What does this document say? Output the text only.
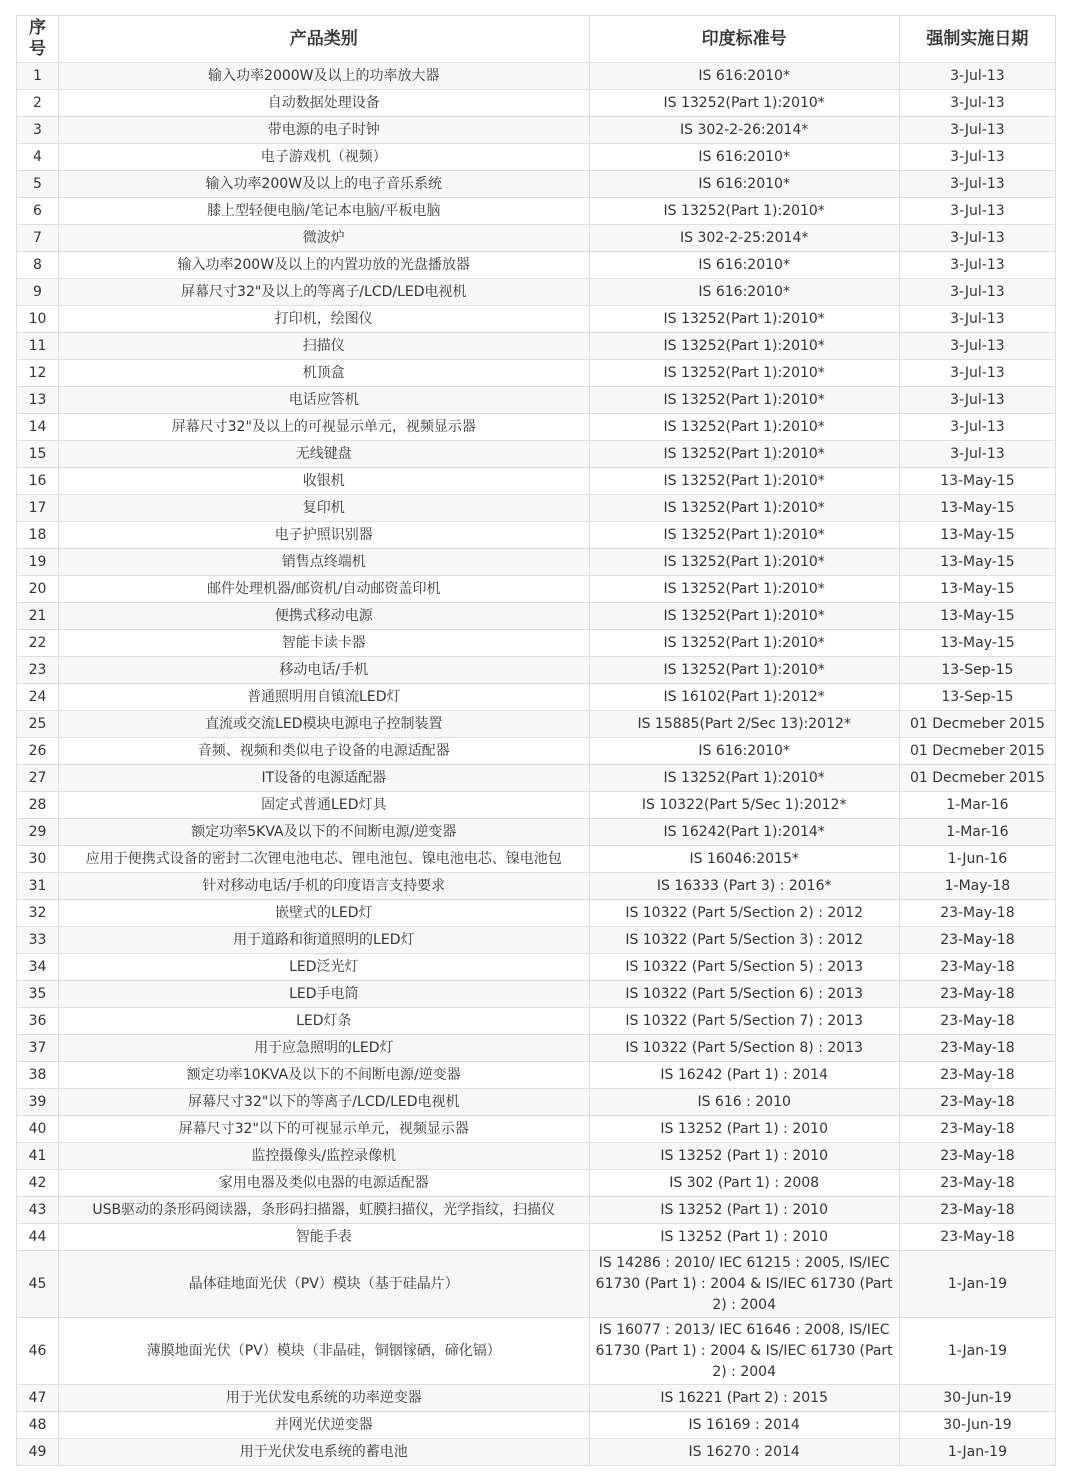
序号	产品类别	印度标准号	强制实施日期
1	输入功率2000W及以上的功率放大器	IS 616:2010*	3-Jul-13
2	自动数据处理设备	IS 13252(Part 1):2010*	3-Jul-13
3	带电源的电子时钟	IS 302-2-26:2014*	3-Jul-13
4	电子游戏机（视频）	IS 616:2010*	3-Jul-13
5	输入功率200W及以上的电子音乐系统	IS 616:2010*	3-Jul-13
6	膝上型轻便电脑/笔记本电脑/平板电脑	IS 13252(Part 1):2010*	3-Jul-13
7	微波炉	IS 302-2-25:2014*	3-Jul-13
8	输入功率200W及以上的内置功放的光盘播放器	IS 616:2010*	3-Jul-13
9	屏幕尺寸32"及以上的等离子/LCD/LED电视机	IS 616:2010*	3-Jul-13
10	打印机，绘图仪	IS 13252(Part 1):2010*	3-Jul-13
11	扫描仪	IS 13252(Part 1):2010*	3-Jul-13
12	机顶盒	IS 13252(Part 1):2010*	3-Jul-13
13	电话应答机	IS 13252(Part 1):2010*	3-Jul-13
14	屏幕尺寸32"及以上的可视显示单元，视频显示器	IS 13252(Part 1):2010*	3-Jul-13
15	无线键盘	IS 13252(Part 1):2010*	3-Jul-13
16	收银机	IS 13252(Part 1):2010*	13-May-15
17	复印机	IS 13252(Part 1):2010*	13-May-15
18	电子护照识别器	IS 13252(Part 1):2010*	13-May-15
19	销售点终端机	IS 13252(Part 1):2010*	13-May-15
20	邮件处理机器/邮资机/自动邮资盖印机	IS 13252(Part 1):2010*	13-May-15
21	便携式移动电源	IS 13252(Part 1):2010*	13-May-15
22	智能卡读卡器	IS 13252(Part 1):2010*	13-May-15
23	移动电话/手机	IS 13252(Part 1):2010*	13-Sep-15
24	普通照明用自镇流LED灯	IS 16102(Part 1):2012*	13-Sep-15
25	直流或交流LED模块电源电子控制装置	IS 15885(Part 2/Sec 13):2012*	01 Decmeber 2015
26	音频、视频和类似电子设备的电源适配器	IS 616:2010*	01 Decmeber 2015
27	IT设备的电源适配器	IS 13252(Part 1):2010*	01 Decmeber 2015
28	固定式普通LED灯具	IS 10322(Part 5/Sec 1):2012*	1-Mar-16
29	额定功率5KVA及以下的不间断电源/逆变器	IS 16242(Part 1):2014*	1-Mar-16
30	应用于便携式设备的密封二次锂电池电芯、锂电池包、镍电池电芯、镍电池包	IS 16046:2015*	1-Jun-16
31	针对移动电话/手机的印度语言支持要求	IS 16333 (Part 3) : 2016*	1-May-18
32	嵌壁式的LED灯	IS 10322 (Part 5/Section 2) : 2012	23-May-18
33	用于道路和街道照明的LED灯	IS 10322 (Part 5/Section 3) : 2012	23-May-18
34	LED泛光灯	IS 10322 (Part 5/Section 5) : 2013	23-May-18
35	LED手电筒	IS 10322 (Part 5/Section 6) : 2013	23-May-18
36	LED灯条	IS 10322 (Part 5/Section 7) : 2013	23-May-18
37	用于应急照明的LED灯	IS 10322 (Part 5/Section 8) : 2013	23-May-18
38	额定功率10KVA及以下的不间断电源/逆变器	IS 16242 (Part 1) : 2014	23-May-18
39	屏幕尺寸32"以下的等离子/LCD/LED电视机	IS 616 : 2010	23-May-18
40	屏幕尺寸32"以下的可视显示单元，视频显示器	IS 13252 (Part 1) : 2010	23-May-18
41	监控摄像头/监控录像机	IS 13252 (Part 1) : 2010	23-May-18
42	家用电器及类似电器的电源适配器	IS 302 (Part 1) : 2008	23-May-18
43	USB驱动的条形码阅读器，条形码扫描器，虹膜扫描仪，光学指纹，扫描仪	IS 13252 (Part 1) : 2010	23-May-18
44	智能手表	IS 13252 (Part 1) : 2010	23-May-18
45	晶体硅地面光伏（PV）模块（基于硅晶片）	IS 14286 : 2010/ IEC 61215 : 2005, IS/IEC 61730 (Part 1) : 2004 & IS/IEC 61730 (Part 2) : 2004	1-Jan-19
46	薄膜地面光伏（PV）模块（非晶硅，铜铟镓硒，碲化镉）	IS 16077 : 2013/ IEC 61646 : 2008, IS/IEC 61730 (Part 1) : 2004 & IS/IEC 61730 (Part 2) : 2004	1-Jan-19
47	用于光伏发电系统的功率逆变器	IS 16221 (Part 2) : 2015	30-Jun-19
48	并网光伏逆变器	IS 16169 : 2014	30-Jun-19
49	用于光伏发电系统的蓄电池	IS 16270 : 2014	1-Jan-19
